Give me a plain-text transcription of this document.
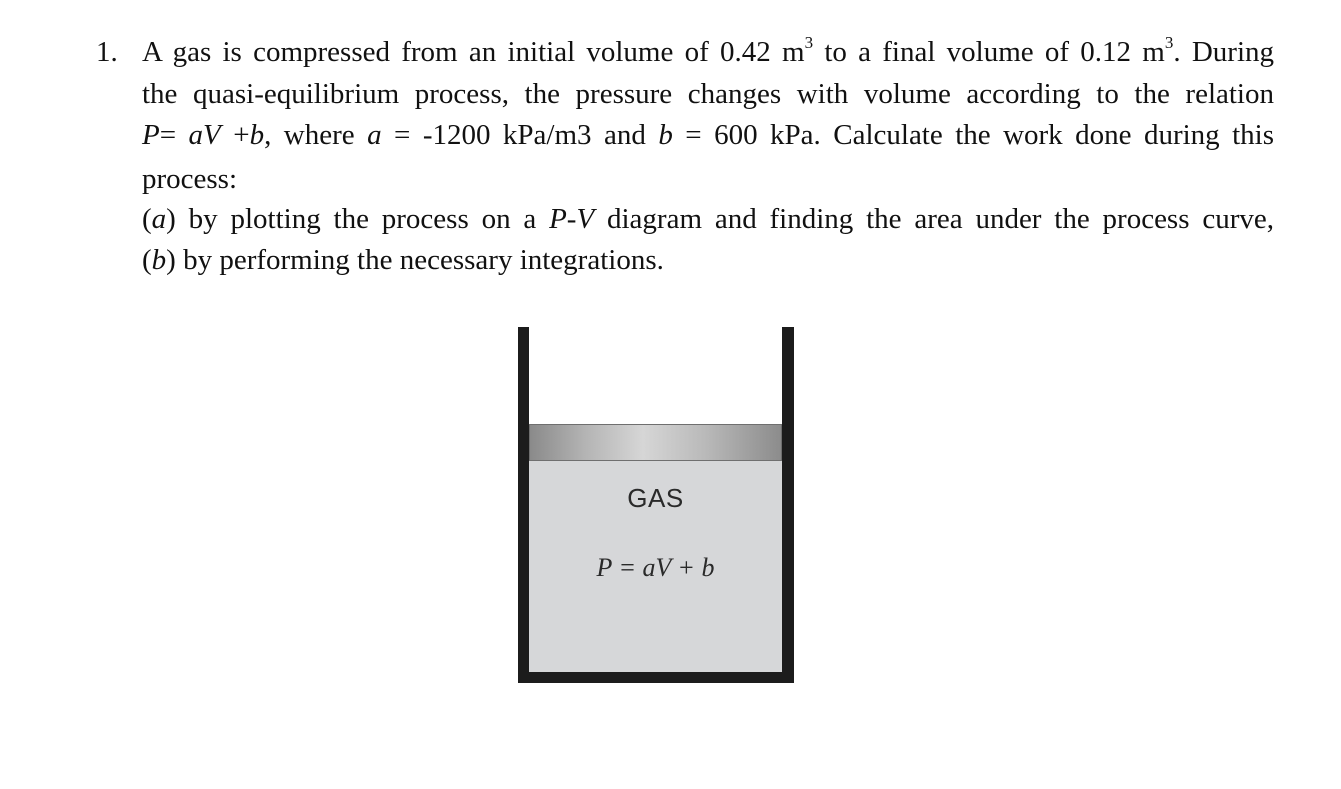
1. A gas is compressed from an initial volume of 0.42 $m^3$ to a final volume of 0.12 $m^3$. During
the quasi-equilibrium process, the pressure changes with volume according to the relation
P= aV +b, where a = -1200 kPa/m3 and b = 600 kPa. Calculate the work done during this
process:
(a) by plotting the process on a P-V diagram and finding the area under the process curve,
(b) by performing the necessary integrations.
GAS
P = aV + b
